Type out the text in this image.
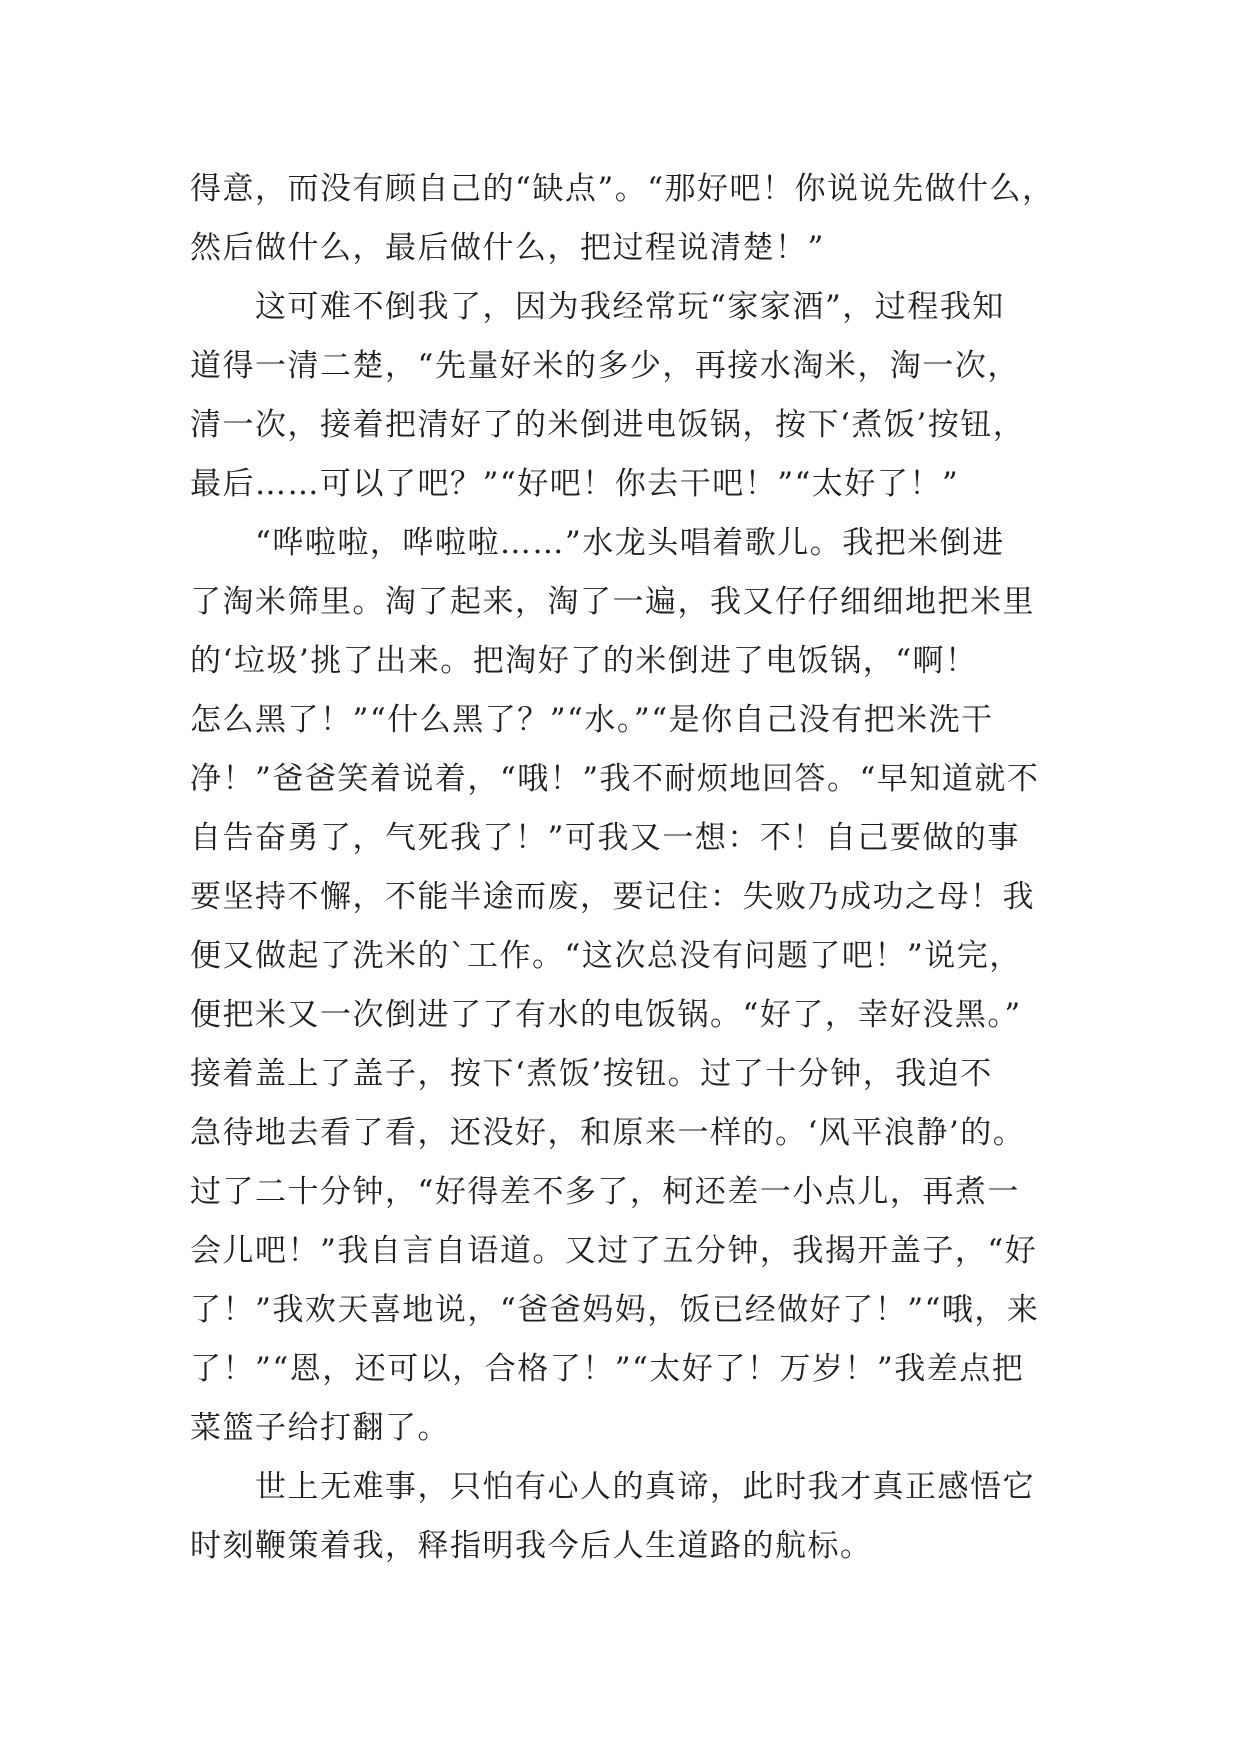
得意，而没有顾自己的“缺点”。“那好吧！你说说先做什么，
然后做什么，最后做什么，把过程说清楚！”
　　这可难不倒我了，因为我经常玩“家家酒”，过程我知
道得一清二楚，“先量好米的多少，再接水淘米，淘一次，
清一次，接着把清好了的米倒进电饭锅，按下‘煮饭’按钮，
最后……可以了吧？”“好吧！你去干吧！”“太好了！”
　　“哗啦啦，哗啦啦……”水龙头唱着歌儿。我把米倒进
了淘米筛里。淘了起来，淘了一遍，我又仔仔细细地把米里
的‘垃圾’挑了出来。把淘好了的米倒进了电饭锅，“啊！
怎么黑了！”“什么黑了？”“水。”“是你自己没有把米洗干
净！”爸爸笑着说着，“哦！”我不耐烦地回答。“早知道就不
自告奋勇了，气死我了！”可我又一想：不！自己要做的事
要坚持不懈，不能半途而废，要记住：失败乃成功之母！我
便又做起了洗米的`工作。“这次总没有问题了吧！”说完，
便把米又一次倒进了了有水的电饭锅。“好了，幸好没黑。”
接着盖上了盖子，按下‘煮饭’按钮。过了十分钟，我迫不
急待地去看了看，还没好，和原来一样的。‘风平浪静’的。
过了二十分钟，“好得差不多了，柯还差一小点儿，再煮一
会儿吧！”我自言自语道。又过了五分钟，我揭开盖子，“好
了！”我欢天喜地说，“爸爸妈妈，饭已经做好了！”“哦，来
了！”“恩，还可以，合格了！”“太好了！万岁！”我差点把
菜篮子给打翻了。
　　世上无难事，只怕有心人的真谛，此时我才真正感悟它
时刻鞭策着我，释指明我今后人生道路的航标。
